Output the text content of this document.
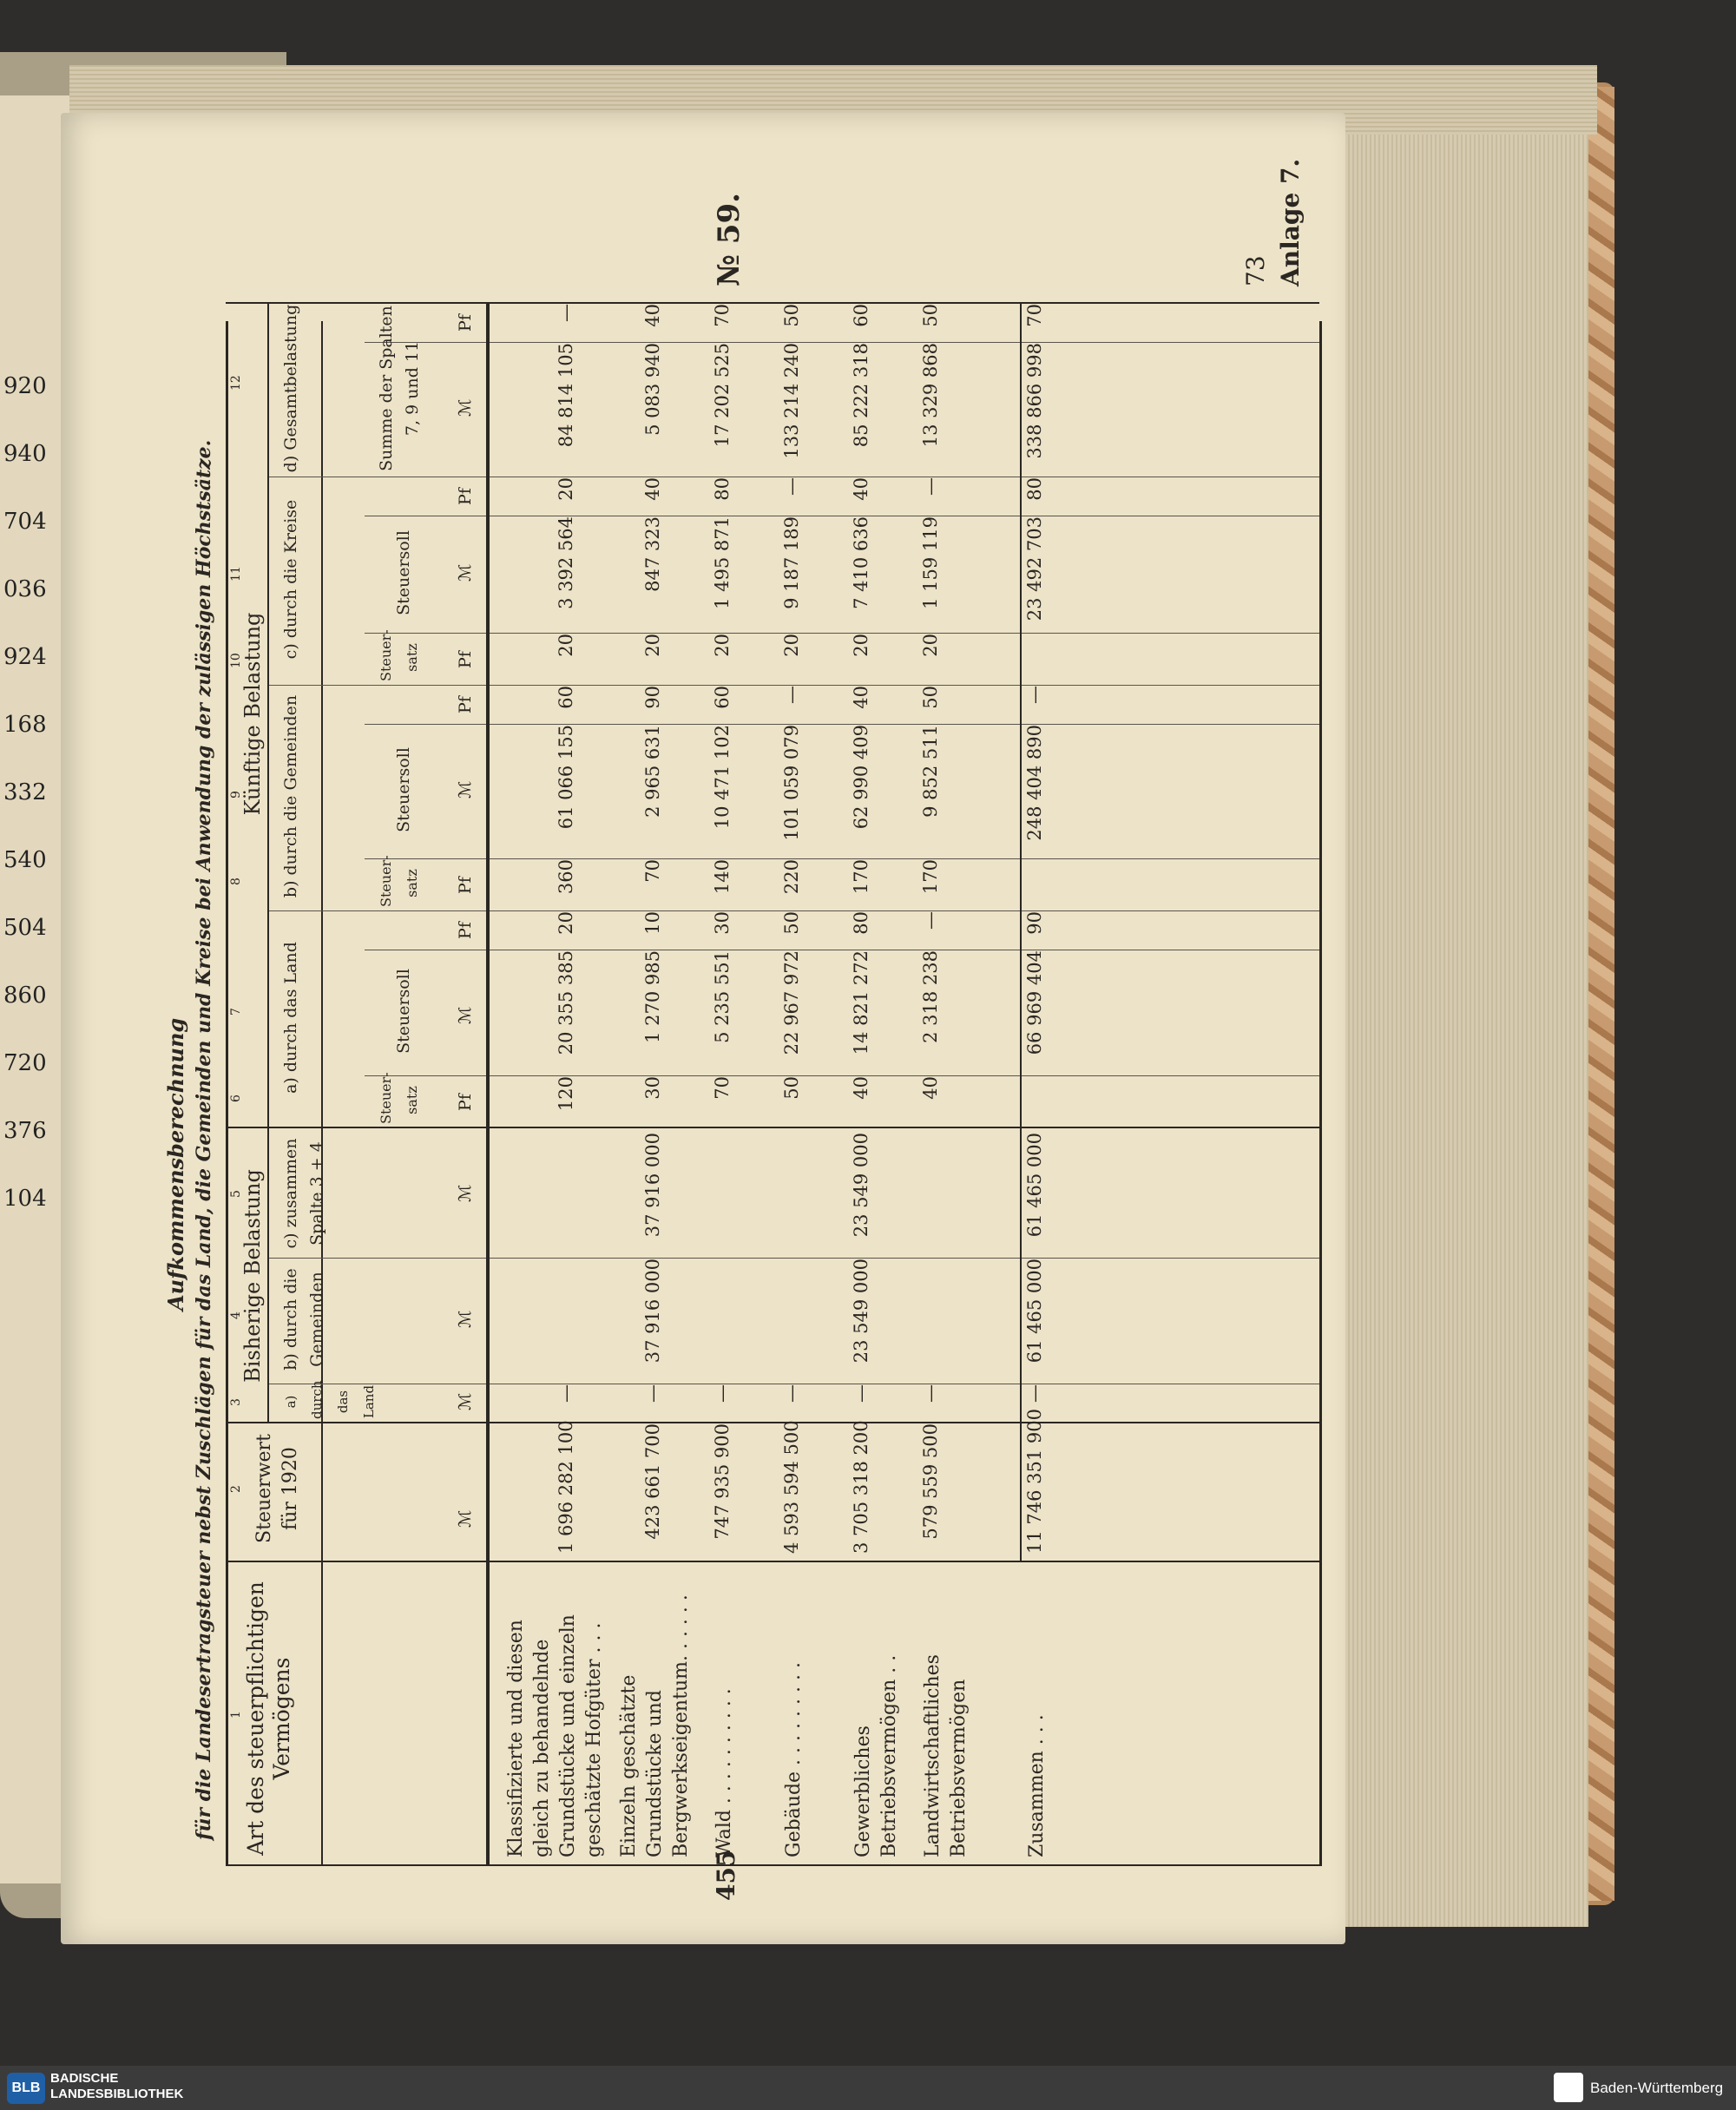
920
940
704
036
924
168
332
540
504
860
720
376
104
№ 59.
Aufkommensberechnung für die Landesertragsteuer nebst Zuschlägen für das Land, die Gemeinden und Kreise bei Anwendung der zulässigen Höchstsätze. 1
2
3
4
5
6
7
8
9
10
11
12
Art des steuerpflichtigen Vermögens
Steuerwert für 1920
Bisherige Belastung
Künftige Belastung
Klassifizierte und diesen gleich zu behandelnde Grundstücke und einzeln geschätzte Hofgüter . . .
1 696 282 100
—
120
20 355 385
20
360
61 066 155
60
20
3 392 564
20
84 814 105
—
Einzeln geschätzte Grundstücke und Bergwerkseigentum. . . . . .
423 661 700
—
37 916 000
37 916 000
30
1 270 985
10
70
2 965 631
90
20
847 323
40
5 083 940
40
Wald . . . . . . . . . .
747 935 900
—
70
5 235 551
30
140
10 471 102
60
20
1 495 871
80
17 202 525
70
Gebäude . . . . . . . . .
4 593 594 500
—
50
22 967 972
50
220
101 059 079
—
20
9 187 189
—
133 214 240
50
Gewerbliches Betriebsvermögen . .
3 705 318 200
—
23 549 000
23 549 000
40
14 821 272
80
170
62 990 409
40
20
7 410 636
40
85 222 318
60
Landwirtschaftliches Betriebsvermögen
579 559 500
—
40
2 318 238
—
170
9 852 511
50
20
1 159 119
—
13 329 868
50
Zusammen . . .
11 746 351 900
—
61 465 000
61 465 000
66 969 404
90
248 404 890
—
23 492 703
80
338 866 998
70
a) durch das Land
b) durch die Gemeinden
c) zusammen Spalte 3 + 4
a) durch das Land
b) durch die Gemeinden
c) durch die Kreise
d) Gesamtbelastung
Steuer-satz
Steuer-satz
Steuer-satz
Steuersoll
Steuersoll
Steuersoll
Summe der Spalten 7, 9 und 11
ℳ
ℳ
ℳ
ℳ
Pf
ℳ
Pf
Pf
ℳ
Pf
Pf
ℳ
Pf
ℳ
Pf
73 Anlage 7.
455
BLB
BADISCHE
LANDESBIBLIOTHEK	Baden-Württemberg
